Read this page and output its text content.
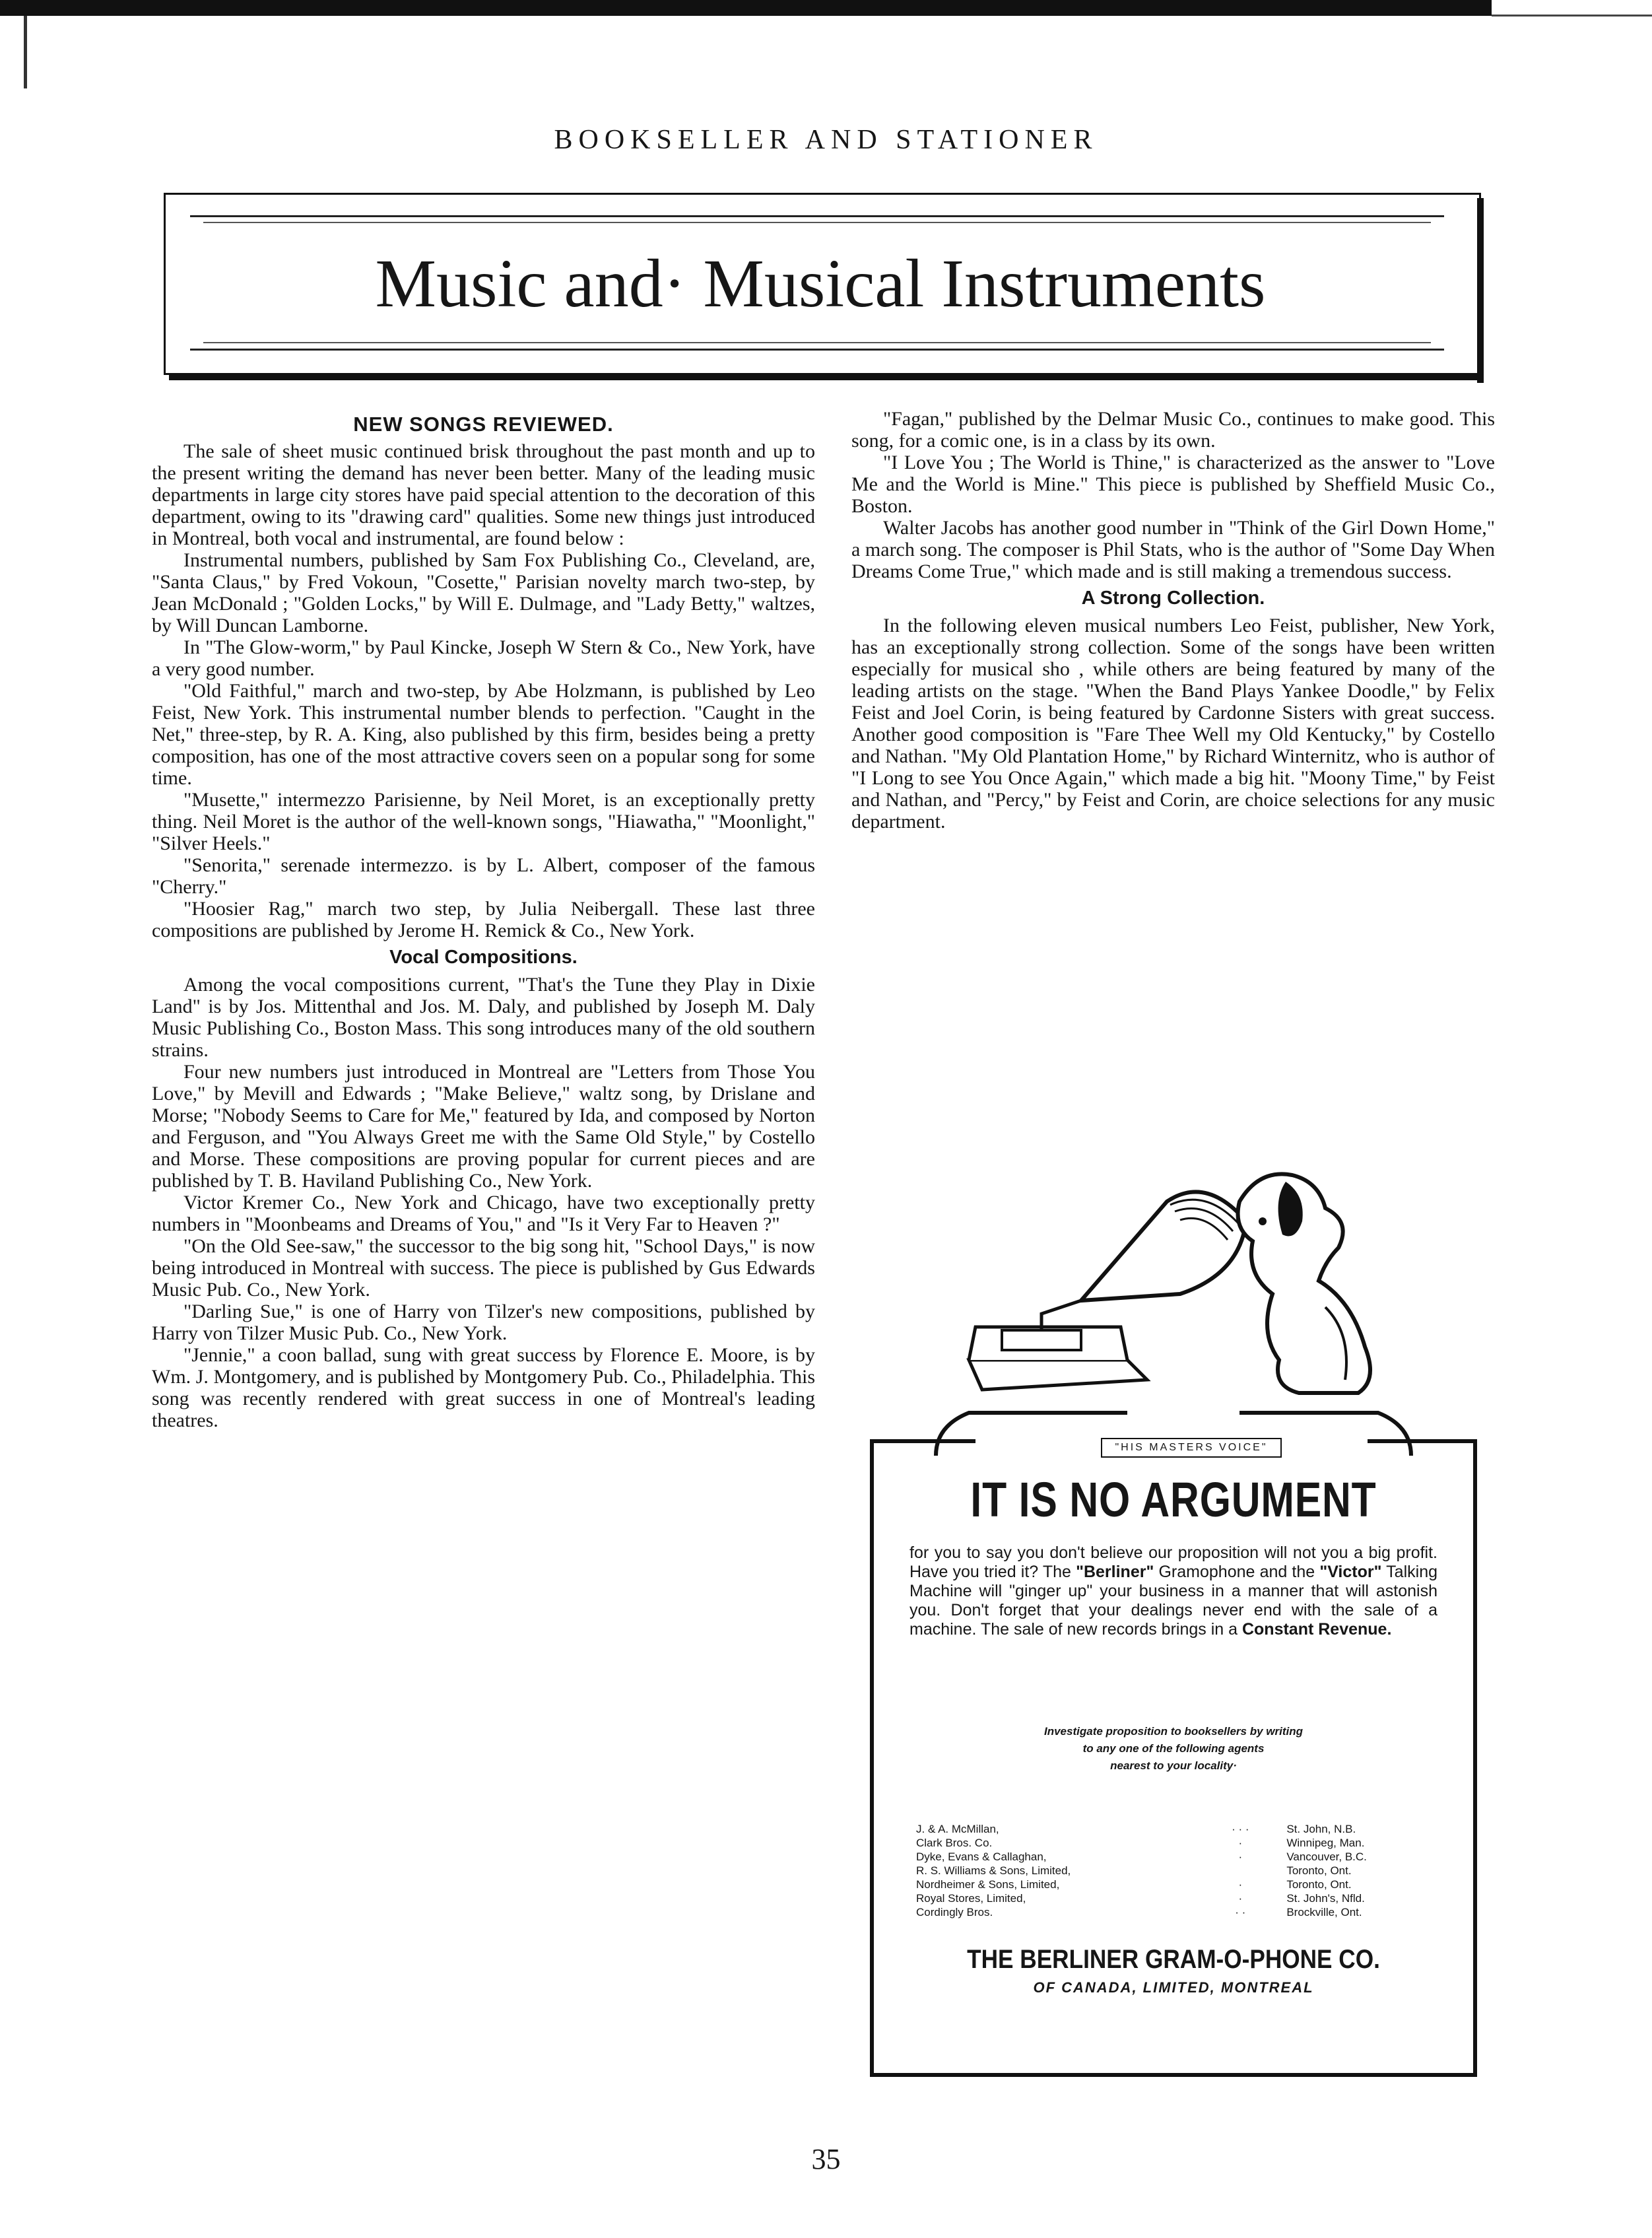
BOOKSELLER AND STATIONER
Music and· Musical Instruments
NEW SONGS REVIEWED.

The sale of sheet music continued brisk throughout the past month and up to the present writing the demand has never been better. Many of the leading music departments in large city stores have paid special attention to the decoration of this department, owing to its "drawing card" qualities. Some new things just introduced in Montreal, both vocal and instrumental, are found below :

Instrumental numbers, published by Sam Fox Publishing Co., Cleveland, are, "Santa Claus," by Fred Vokoun, "Cosette," Parisian novelty march two-step, by Jean McDonald ; "Golden Locks," by Will E. Dulmage, and "Lady Betty," waltzes, by Will Duncan Lamborne.

In "The Glow-worm," by Paul Kincke, Joseph W Stern & Co., New York, have a very good number.

"Old Faithful," march and two-step, by Abe Holzmann, is published by Leo Feist, New York. This instrumental number blends to perfection. "Caught in the Net," three-step, by R. A. King, also published by this firm, besides being a pretty composition, has one of the most attractive covers seen on a popular song for some time.

"Musette," intermezzo Parisienne, by Neil Moret, is an exceptionally pretty thing. Neil Moret is the author of the well-known songs, "Hiawatha," "Moonlight," "Silver Heels."

"Senorita," serenade intermezzo. is by L. Albert, composer of the famous "Cherry."

"Hoosier Rag," march two step, by Julia Neibergall. These last three compositions are published by Jerome H. Remick & Co., New York.

Vocal Compositions.

Among the vocal compositions current, "That's the Tune they Play in Dixie Land" is by Jos. Mittenthal and Jos. M. Daly, and published by Joseph M. Daly Music Publishing Co., Boston Mass. This song introduces many of the old southern strains.

Four new numbers just introduced in Montreal are "Letters from Those You Love," by Mevill and Edwards ; "Make Believe," waltz song, by Drislane and Morse; "Nobody Seems to Care for Me," featured by Ida, and composed by Norton and Ferguson, and "You Always Greet me with the Same Old Style," by Costello and Morse. These compositions are proving popular for current pieces and are published by T. B. Haviland Publishing Co., New York.

Victor Kremer Co., New York and Chicago, have two exceptionally pretty numbers in "Moonbeams and Dreams of You," and "Is it Very Far to Heaven ?"

"On the Old See-saw," the successor to the big song hit, "School Days," is now being introduced in Montreal with success. The piece is published by Gus Edwards Music Pub. Co., New York.

"Darling Sue," is one of Harry von Tilzer's new compositions, published by Harry von Tilzer Music Pub. Co., New York.

"Jennie," a coon ballad, sung with great success by Florence E. Moore, is by Wm. J. Montgomery, and is published by Montgomery Pub. Co., Philadelphia. This song was recently rendered with great success in one of Montreal's leading theatres.

"Fagan," published by the Delmar Music Co., continues to make good. This song, for a comic one, is in a class by its own.

"I Love You ; The World is Thine," is characterized as the answer to "Love Me and the World is Mine." This piece is published by Sheffield Music Co., Boston.

Walter Jacobs has another good number in "Think of the Girl Down Home," a march song. The composer is Phil Stats, who is the author of "Some Day When Dreams Come True," which made and is still making a tremendous success.

A Strong Collection.

In the following eleven musical numbers Leo Feist, publisher, New York, has an exceptionally strong collection. Some of the songs have been written especially for musical sho , while others are being featured by many of the leading artists on the stage. "When the Band Plays Yankee Doodle," by Felix Feist and Joel Corin, is being featured by Cardonne Sisters with great success. Another good composition is "Fare Thee Well my Old Kentucky," by Costello and Nathan. "My Old Plantation Home," by Richard Winternitz, who is author of "I Long to see You Once Again," which made a big hit. "Moony Time," by Feist and Nathan, and "Percy," by Feist and Corin, are choice selections for any music department.

"HIS MASTERS VOICE"
IT IS NO ARGUMENT
for you to say you don't believe our proposition will not you a big profit. Have you tried it? The "Berliner" Gramophone and the "Victor" Talking Machine will "ginger up" your business in a manner that will astonish you. Don't forget that your dealings never end with the sale of a machine. The sale of new records brings in a Constant Revenue.
Investigate proposition to booksellers by writing
to any one of the following agents
nearest to your locality·
J. & A. McMillan,	· · ·	St. John, N.B.
Clark Bros. Co.	·	Winnipeg, Man.
Dyke, Evans & Callaghan,	·	Vancouver, B.C.
R. S. Williams & Sons, Limited,		Toronto, Ont.
Nordheimer & Sons, Limited,	·	Toronto, Ont.
Royal Stores, Limited,	·	St. John's, Nfld.
Cordingly Bros.	· ·	Brockville, Ont.
THE BERLINER GRAM-O-PHONE CO.
OF CANADA, LIMITED, MONTREAL
35
